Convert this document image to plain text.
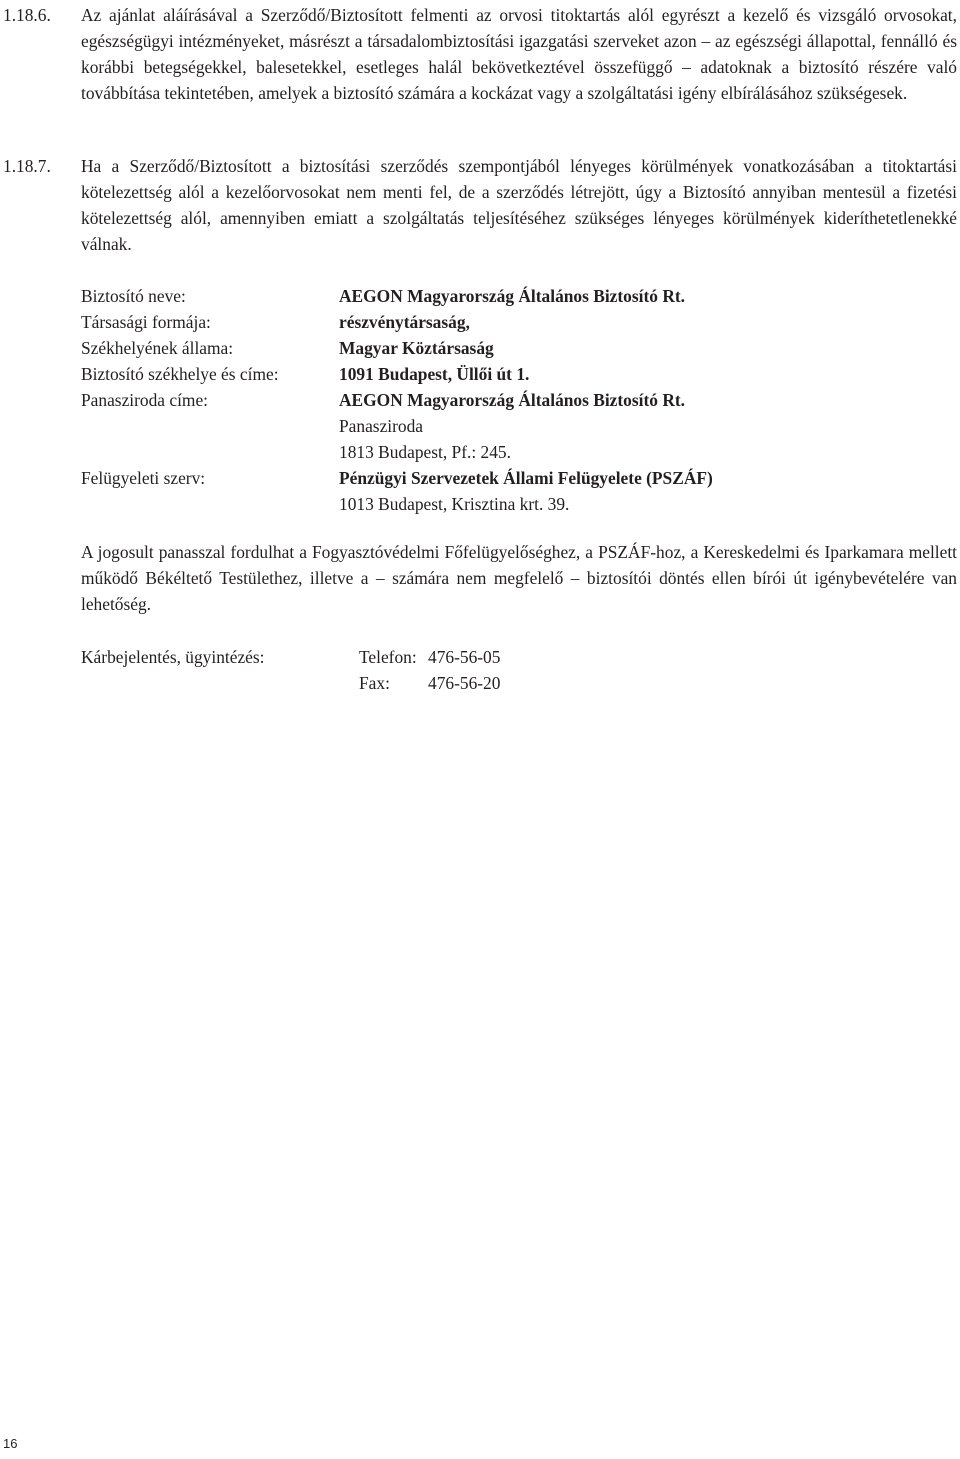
1.18.6. Az ajánlat aláírásával a Szerződő/Biztosított felmenti az orvosi titoktartás alól egyrészt a kezelő és vizsgáló orvosokat, egészségügyi intézményeket, másrészt a társadalombiztosítási igazgatási szerveket azon – az egészségi állapottal, fennálló és korábbi betegségekkel, balesetekkel, esetleges halál bekövetkeztével összefüggő – adatoknak a biztosító részére való továbbítása tekintetében, amelyek a biztosító számára a kockázat vagy a szolgáltatási igény elbírálásához szükségesek.
1.18.7. Ha a Szerződő/Biztosított a biztosítási szerződés szempontjából lényeges körülmények vonatkozásában a titoktartási kötelezettség alól a kezelőorvosokat nem menti fel, de a szerződés létrejött, úgy a Biztosító annyiban mentesül a fizetési kötelezettség alól, amennyiben emiatt a szolgáltatás teljesítéséhez szükséges lényeges körülmények kideríthetetlenekké válnak.
Biztosító neve:	AEGON Magyarország Általános Biztosító Rt.
Társasági formája:	részvénytársaság,
Székhelyének állama:	Magyar Köztársaság
Biztosító székhelye és címe:	1091 Budapest, Üllői út 1.
Panasziroda címe:	AEGON Magyarország Általános Biztosító Rt.
Panasziroda
1813 Budapest, Pf.: 245.
Felügyeleti szerv:	Pénzügyi Szervezetek Állami Felügyelete (PSZÁF)
1013 Budapest, Krisztina krt. 39.
A jogosult panasszal fordulhat a Fogyasztóvédelmi Főfelügyelőséghez, a PSZÁF-hoz, a Kereskedelmi és Iparkamara mellett működő Békéltető Testülethez, illetve a – számára nem megfelelő – biztosítói döntés ellen bírói út igénybevételére van lehetőség.
Kárbejelentés, ügyintézés:	Telefon: 476-56-05
Fax: 476-56-20
16
